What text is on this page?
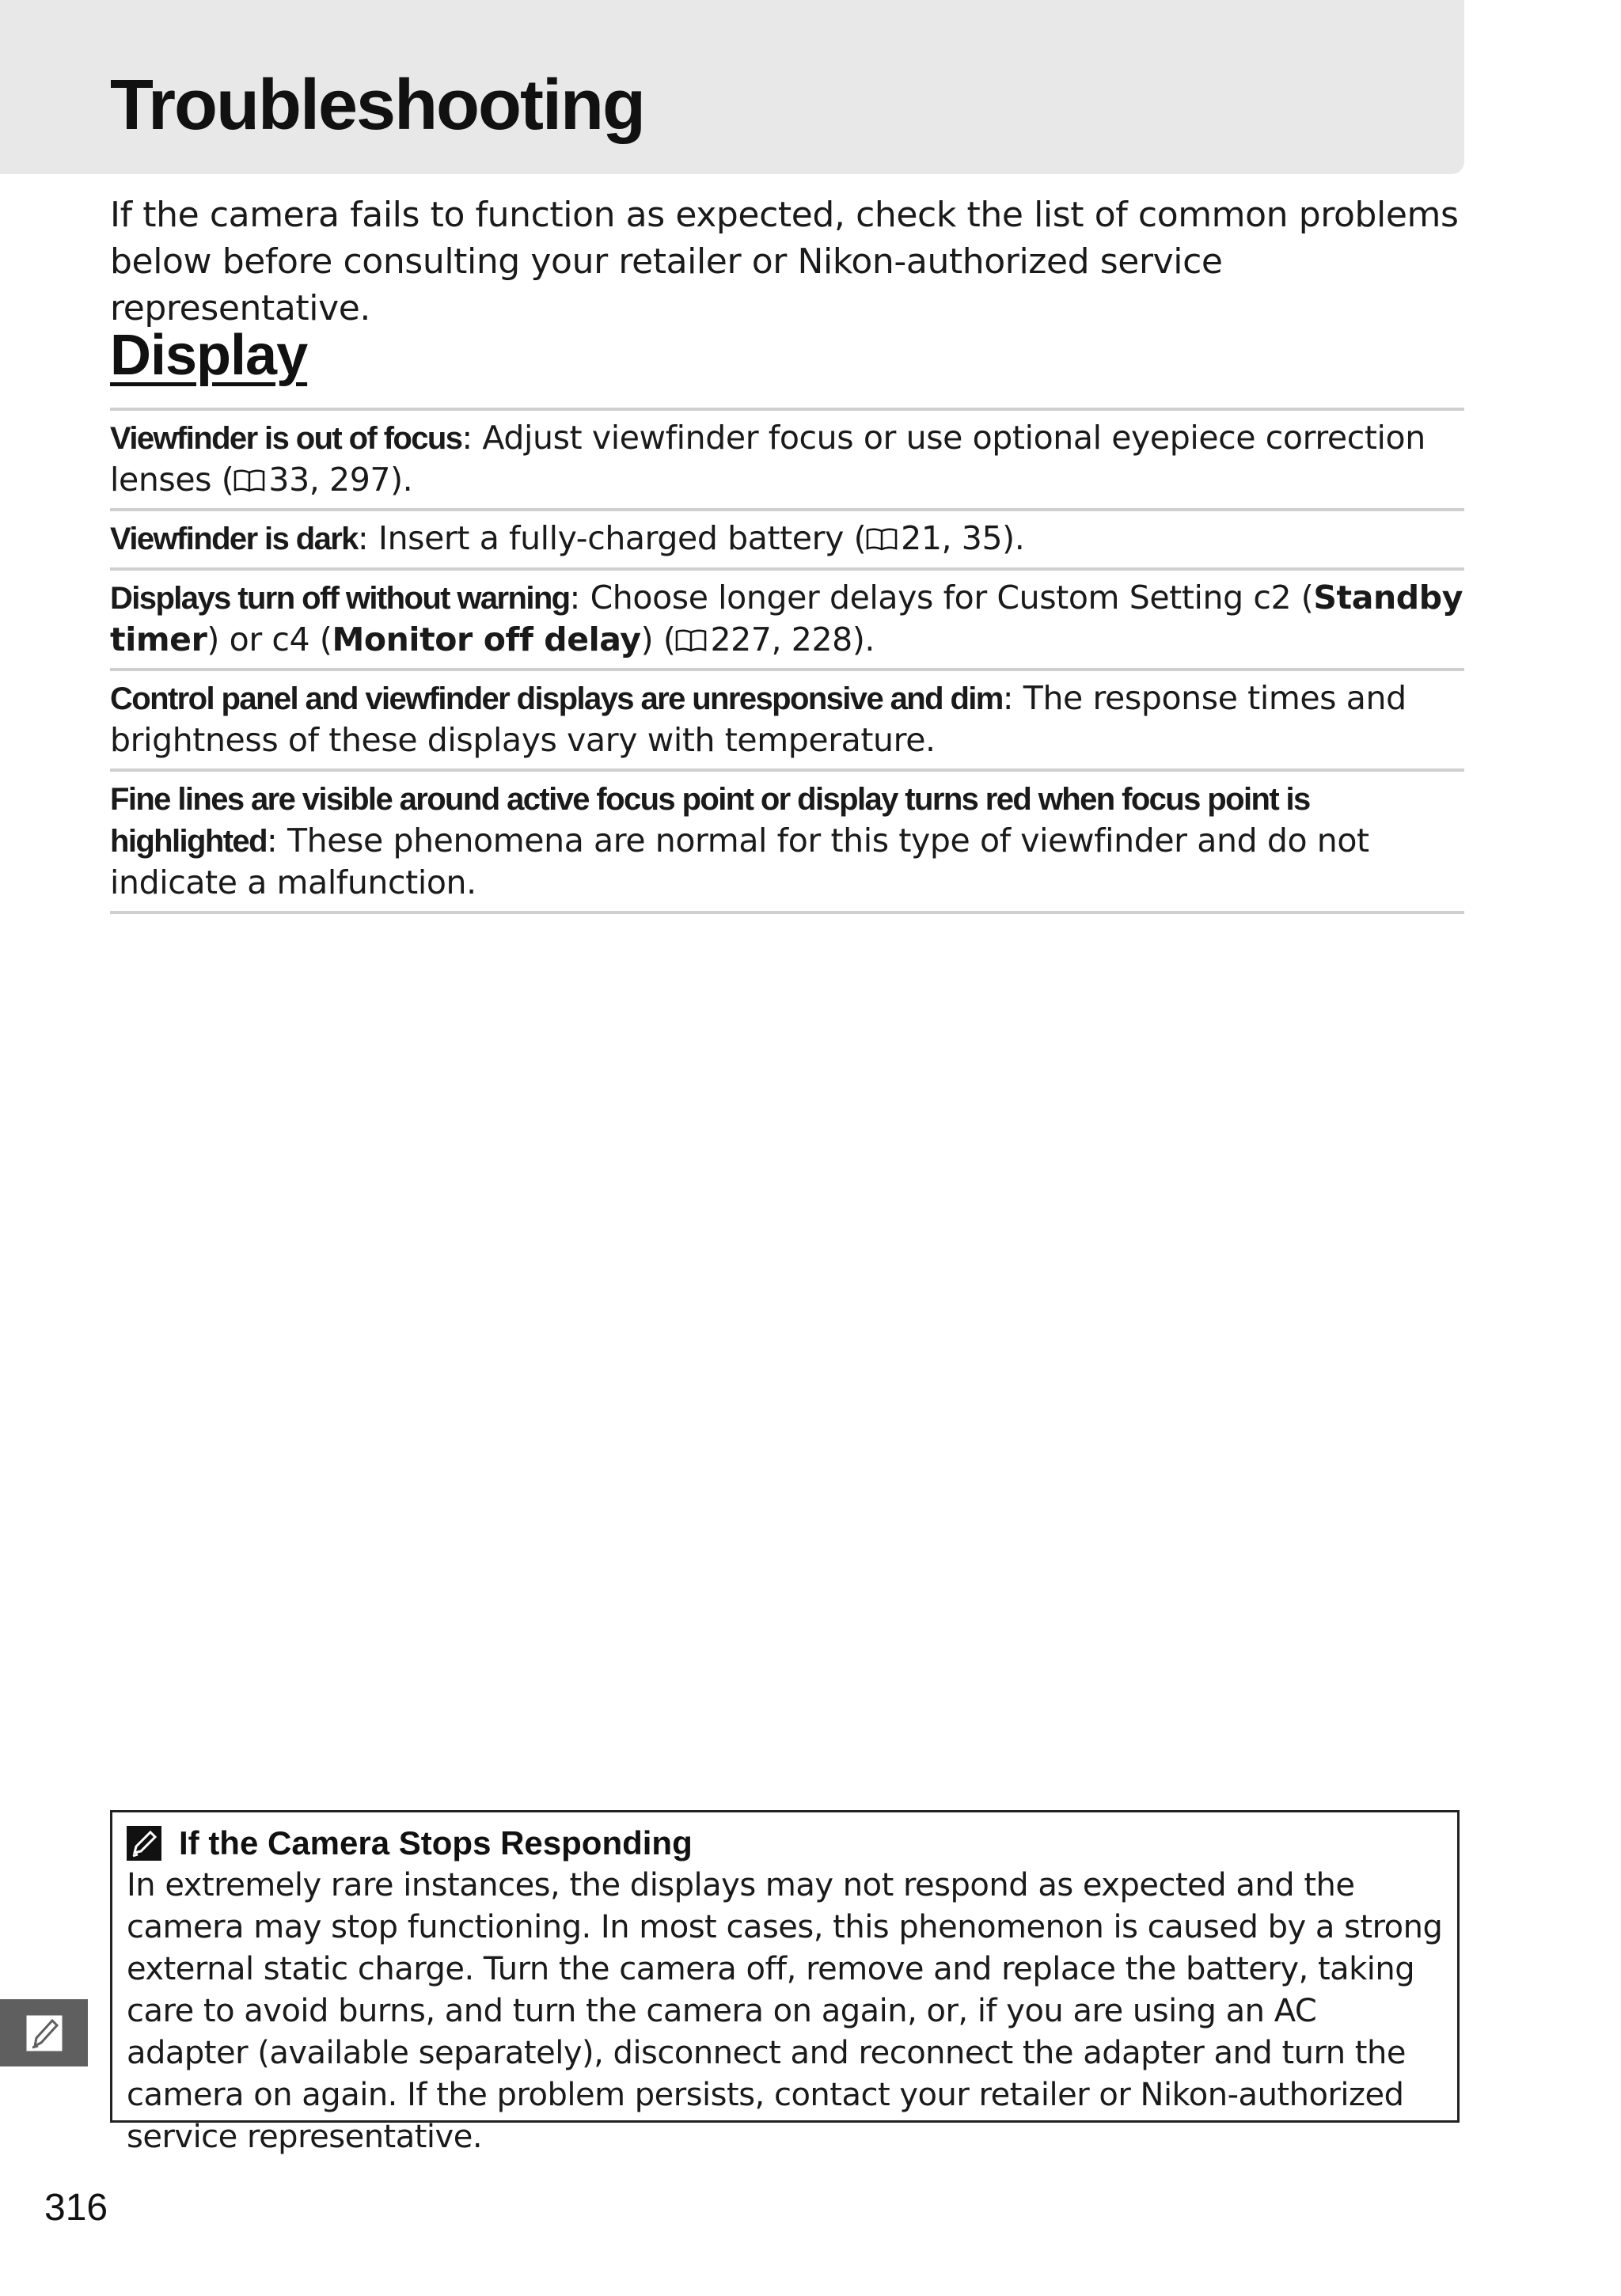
Troubleshooting

If the camera fails to function as expected, check the list of common problems below before consulting your retailer or Nikon-authorized service representative.

Display
Viewfinder is out of focus: Adjust viewfinder focus or use optional eyepiece correction lenses ( 33, 297).
Viewfinder is dark: Insert a fully-charged battery ( 21, 35).
Displays turn off without warning: Choose longer delays for Custom Setting c2 (Standby timer) or c4 (Monitor off delay) ( 227, 228).
Control panel and viewfinder displays are unresponsive and dim: The response times and brightness of these displays vary with temperature.
Fine lines are visible around active focus point or display turns red when focus point is highlighted: These phenomena are normal for this type of viewfinder and do not indicate a malfunction.
If the Camera Stops Responding
In extremely rare instances, the displays may not respond as expected and the camera may stop functioning. In most cases, this phenomenon is caused by a strong external static charge. Turn the camera off, remove and replace the battery, taking care to avoid burns, and turn the camera on again, or, if you are using an AC adapter (available separately), disconnect and reconnect the adapter and turn the camera on again. If the problem persists, contact your retailer or Nikon-authorized service representative.

316
